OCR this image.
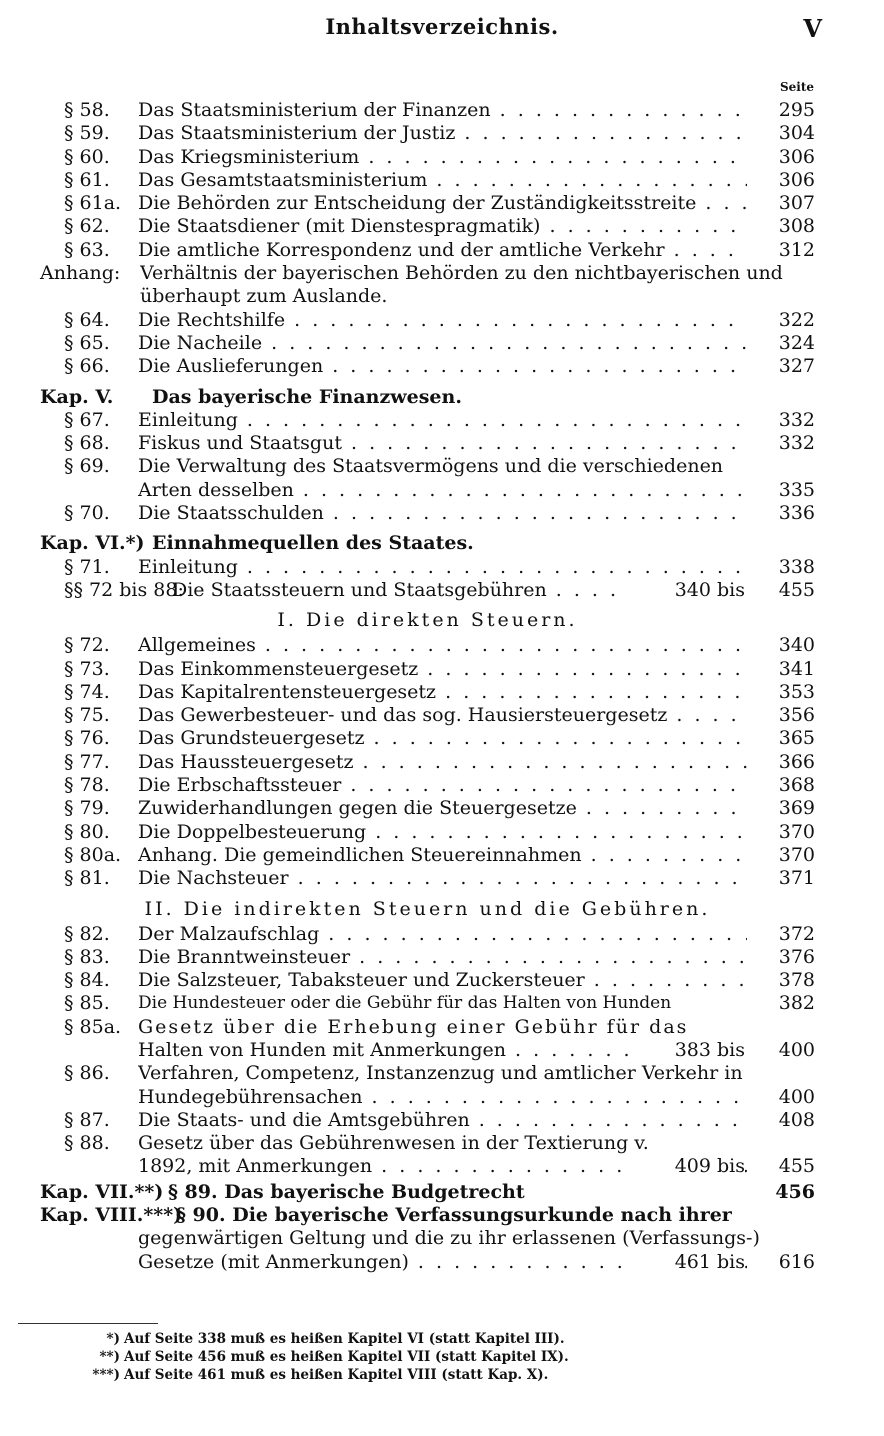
Inhaltsverzeichnis.	V
Seite
§ 58.	Das Staatsministerium der Finanzen . . .	295
§ 59.	Das Staatsministerium der Justiz . . .	304
§ 60.	Das Kriegsministerium . . .	306
§ 61.	Das Gesamtstaatsministerium . . .	306
§ 61a. Die Behörden zur Entscheidung der Zuständigkeitsstreite . . .	307
§ 62.	Die Staatsdiener (mit Dienstespragmatik) . . .	308
§ 63.	Die amtliche Korrespondenz und der amtliche Verkehr . . .	312
Anhang:	Verhältnis der bayerischen Behörden zu den nichtbayerischen und
überhaupt zum Auslande.
§ 64.	Die Rechtshilfe . . .	322
§ 65.	Die Nacheile . . .	324
§ 66.	Die Auslieferungen . . .	327
Kap. V.	Das bayerische Finanzwesen.
§ 67.	Einleitung . . .	332
§ 68.	Fiskus und Staatsgut . . .	332
§ 69.	Die Verwaltung des Staatsvermögens und die verschiedenen
Arten desselben . . .	335
§ 70.	Die Staatsschulden . . .	336
Kap. VI.*) Einnahmequellen des Staates.
§ 71.	Einleitung . . .	338
§§ 72 bis 88:
Die Staatssteuern und Staatsgebühren . . .	340 bis	455
I. Die direkten Steuern.
§ 72.	Allgemeines . . .	340
§ 73.	Das Einkommensteuergesetz . . .	341
§ 74.	Das Kapitalrentensteuergesetz . . .	353
§ 75.	Das Gewerbesteuer- und das sog. Hausiersteuergesetz . . .	356
§ 76.	Das Grundsteuergesetz . . .	365
§ 77.	Das Haussteuergesetz . . .	366
§ 78.	Die Erbschaftssteuer . . .	368
§ 79.	Zuwiderhandlungen gegen die Steuergesetze . . .	369
§ 80.	Die Doppelbesteuerung . . .	370
§ 80a. Anhang. Die gemeindlichen Steuereinnahmen . . .	370
§ 81.	Die Nachsteuer . . .	371
II. Die indirekten Steuern und die Gebühren.
§ 82.	Der Malzaufschlag . . .	372
§ 83.	Die Branntweinsteuer . . .	376
§ 84.	Die Salzsteuer, Tabaksteuer und Zuckersteuer . . .	378
§ 85.	Die Hundesteuer oder die Gebühr für das Halten von Hunden	382
§ 85a. Gesetz über die Erhebung einer Gebühr für das
Halten von Hunden mit Anmerkungen . . .	383 bis	400
§ 86.	Verfahren, Competenz, Instanzenzug und amtlicher Verkehr in
Hundegebührensachen . . .	400
§ 87.	Die Staats- und die Amtsgebühren . . .	408
§ 88.	Gesetz über das Gebührenwesen in der Textierung v.
1892, mit Anmerkungen . . .	409 bis	455
Kap. VII.**) § 89. Das bayerische Budgetrecht	456
Kap. VIII.***)
§ 90. Die bayerische Verfassungsurkunde nach ihrer
gegenwärtigen Geltung und die zu ihr erlassenen (Verfassungs-)
Gesetze (mit Anmerkungen) . . .	461 bis	616
*) Auf Seite 338 muß es heißen Kapitel VI (statt Kapitel III).
**) Auf Seite 456 muß es heißen Kapitel VII (statt Kapitel IX).
***) Auf Seite 461 muß es heißen Kapitel VIII (statt Kap. X).
